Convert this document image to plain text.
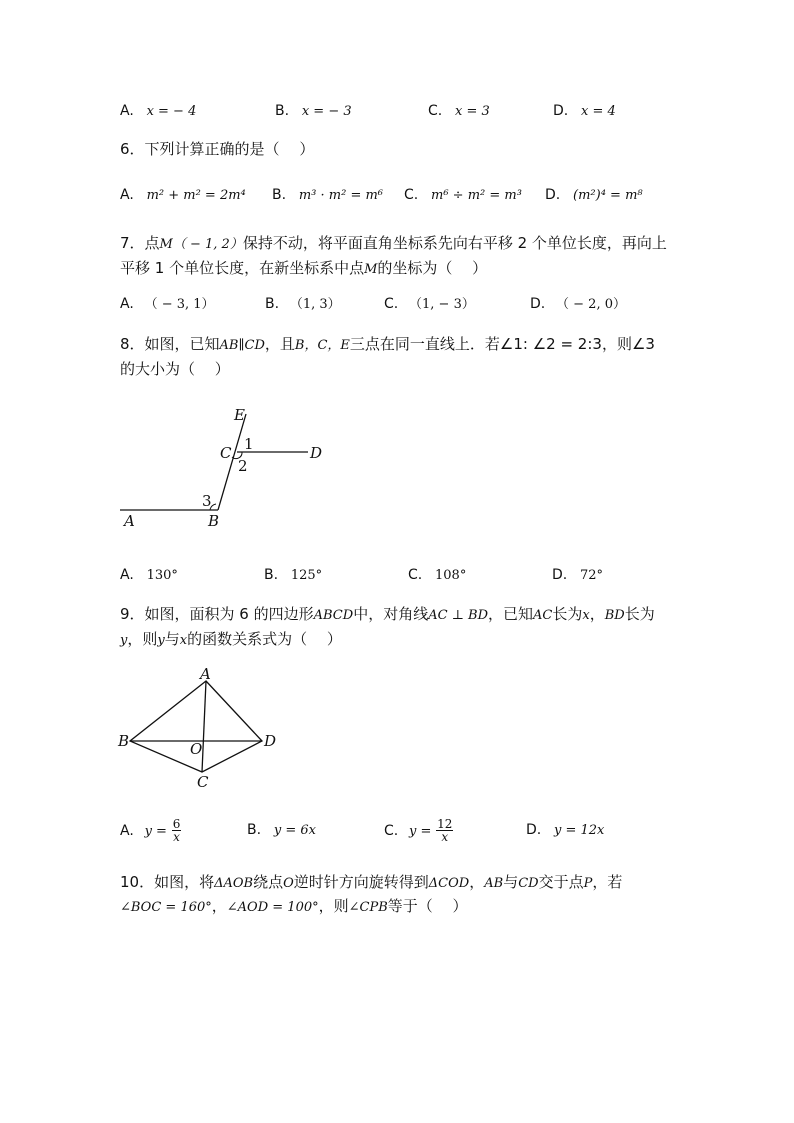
A. x = − 4	B. x = − 3	C. x = 3	D. x = 4
6．下列计算正确的是（　 ）
A. m² + m² = 2m⁴ B. m³ · m² = m⁶ C. m⁶ ÷ m² = m³ D. (m²)⁴ = m⁸
7．点M（ − 1, 2）保持不动，将平面直角坐标系先向右平移 2 个单位长度，再向上
平移 1 个单位长度，在新坐标系中点M的坐标为（　 ）
A. （ − 3, 1）	B. （1, 3）	C. （1, − 3）	D. （ − 2, 0）
8．如图，已知AB∥CD，且B，C，E三点在同一直线上．若∠1: ∠2 = 2:3，则∠3
的大小为（　 ）
E
C	D
A	B
1
2
3
A. 130°	B. 125°	C. 108°	D. 72°
9．如图，面积为 6 的四边形ABCD中，对角线AC ⊥ BD，已知AC长为x，BD长为
y，则y与x的函数关系式为（　 ）
A
B	D
C
O
A. $y = \frac{6}{x}$	B. y = 6x	C. $y = \frac{12}{x}$	D. y = 12x
10．如图，将ΔAOB绕点O逆时针方向旋转得到ΔCOD，AB与CD交于点P，若
∠BOC = 160°，∠AOD = 100°，则∠CPB等于（　 ）
